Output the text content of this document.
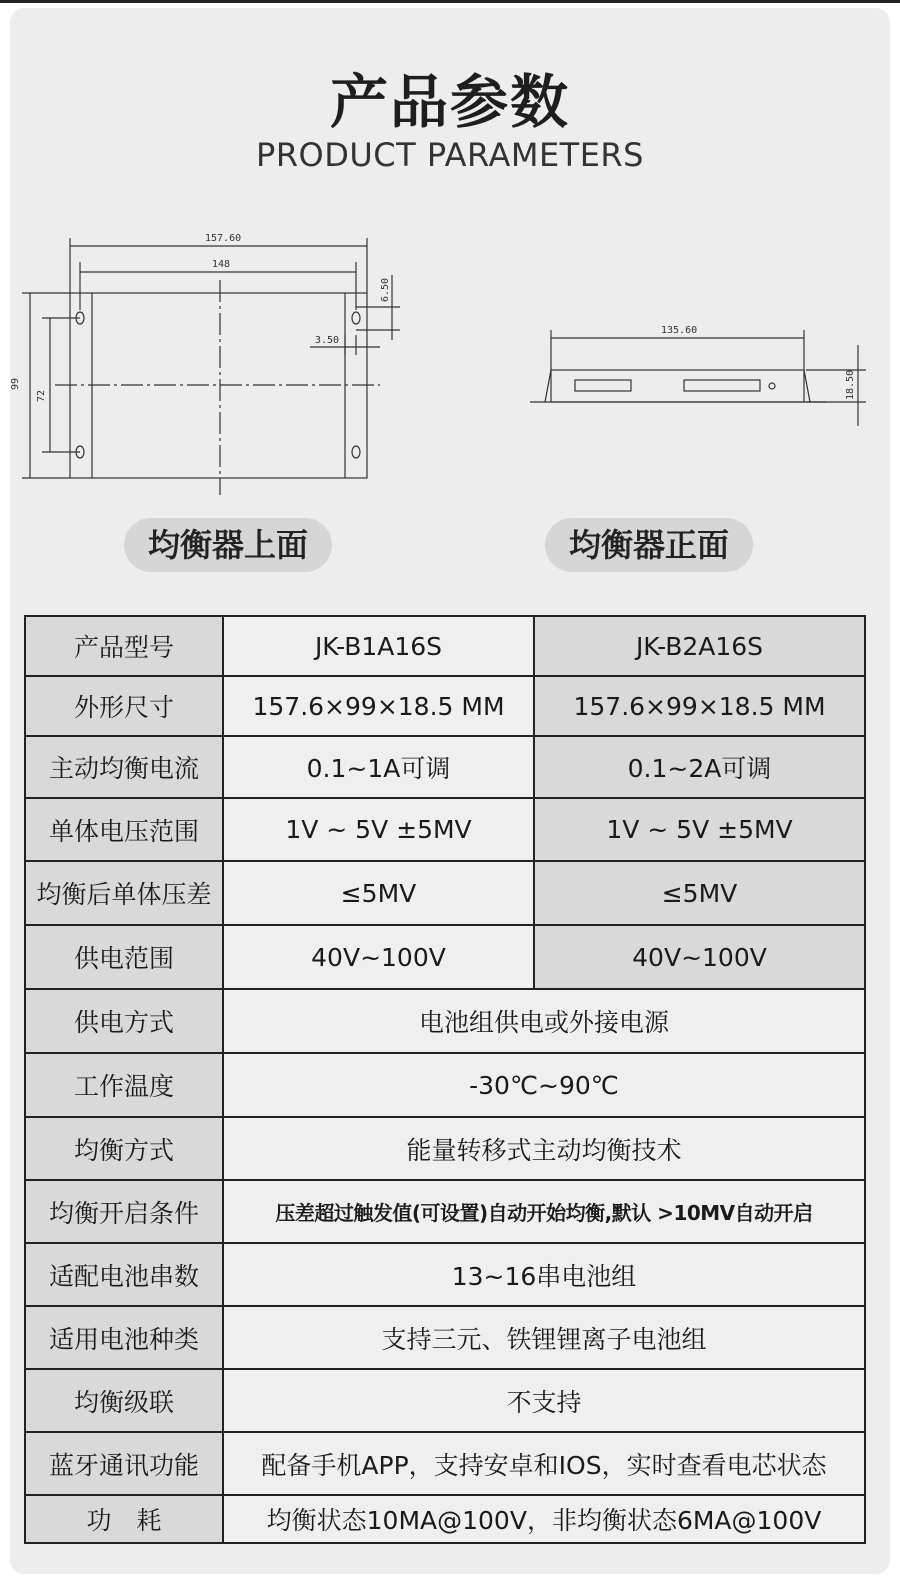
产品参数
PRODUCT PARAMETERS
157.60
148
99
72
6.50
3.50
135.60
18.50
均衡器上面	均衡器正面
产品型号	JK-B1A16S	JK-B2A16S
外形尺寸	157.6×99×18.5 MM	157.6×99×18.5 MM
主动均衡电流	0.1~1A可调	0.1~2A可调
单体电压范围	1V ~ 5V ±5MV	1V ~ 5V ±5MV
均衡后单体压差	≤5MV	≤5MV
供电范围	40V~100V	40V~100V
供电方式	电池组供电或外接电源	
工作温度	-30℃~90℃	
均衡方式	能量转移式主动均衡技术	
均衡开启条件	压差超过触发值(可设置)自动开始均衡,默认 >10MV自动开启	
适配电池串数	13~16串电池组	
适用电池种类	支持三元、铁锂锂离子电池组	
均衡级联	不支持	
蓝牙通讯功能	配备手机APP，支持安卓和IOS，实时查看电芯状态	
功　耗	均衡状态10MA@100V，非均衡状态6MA@100V	
